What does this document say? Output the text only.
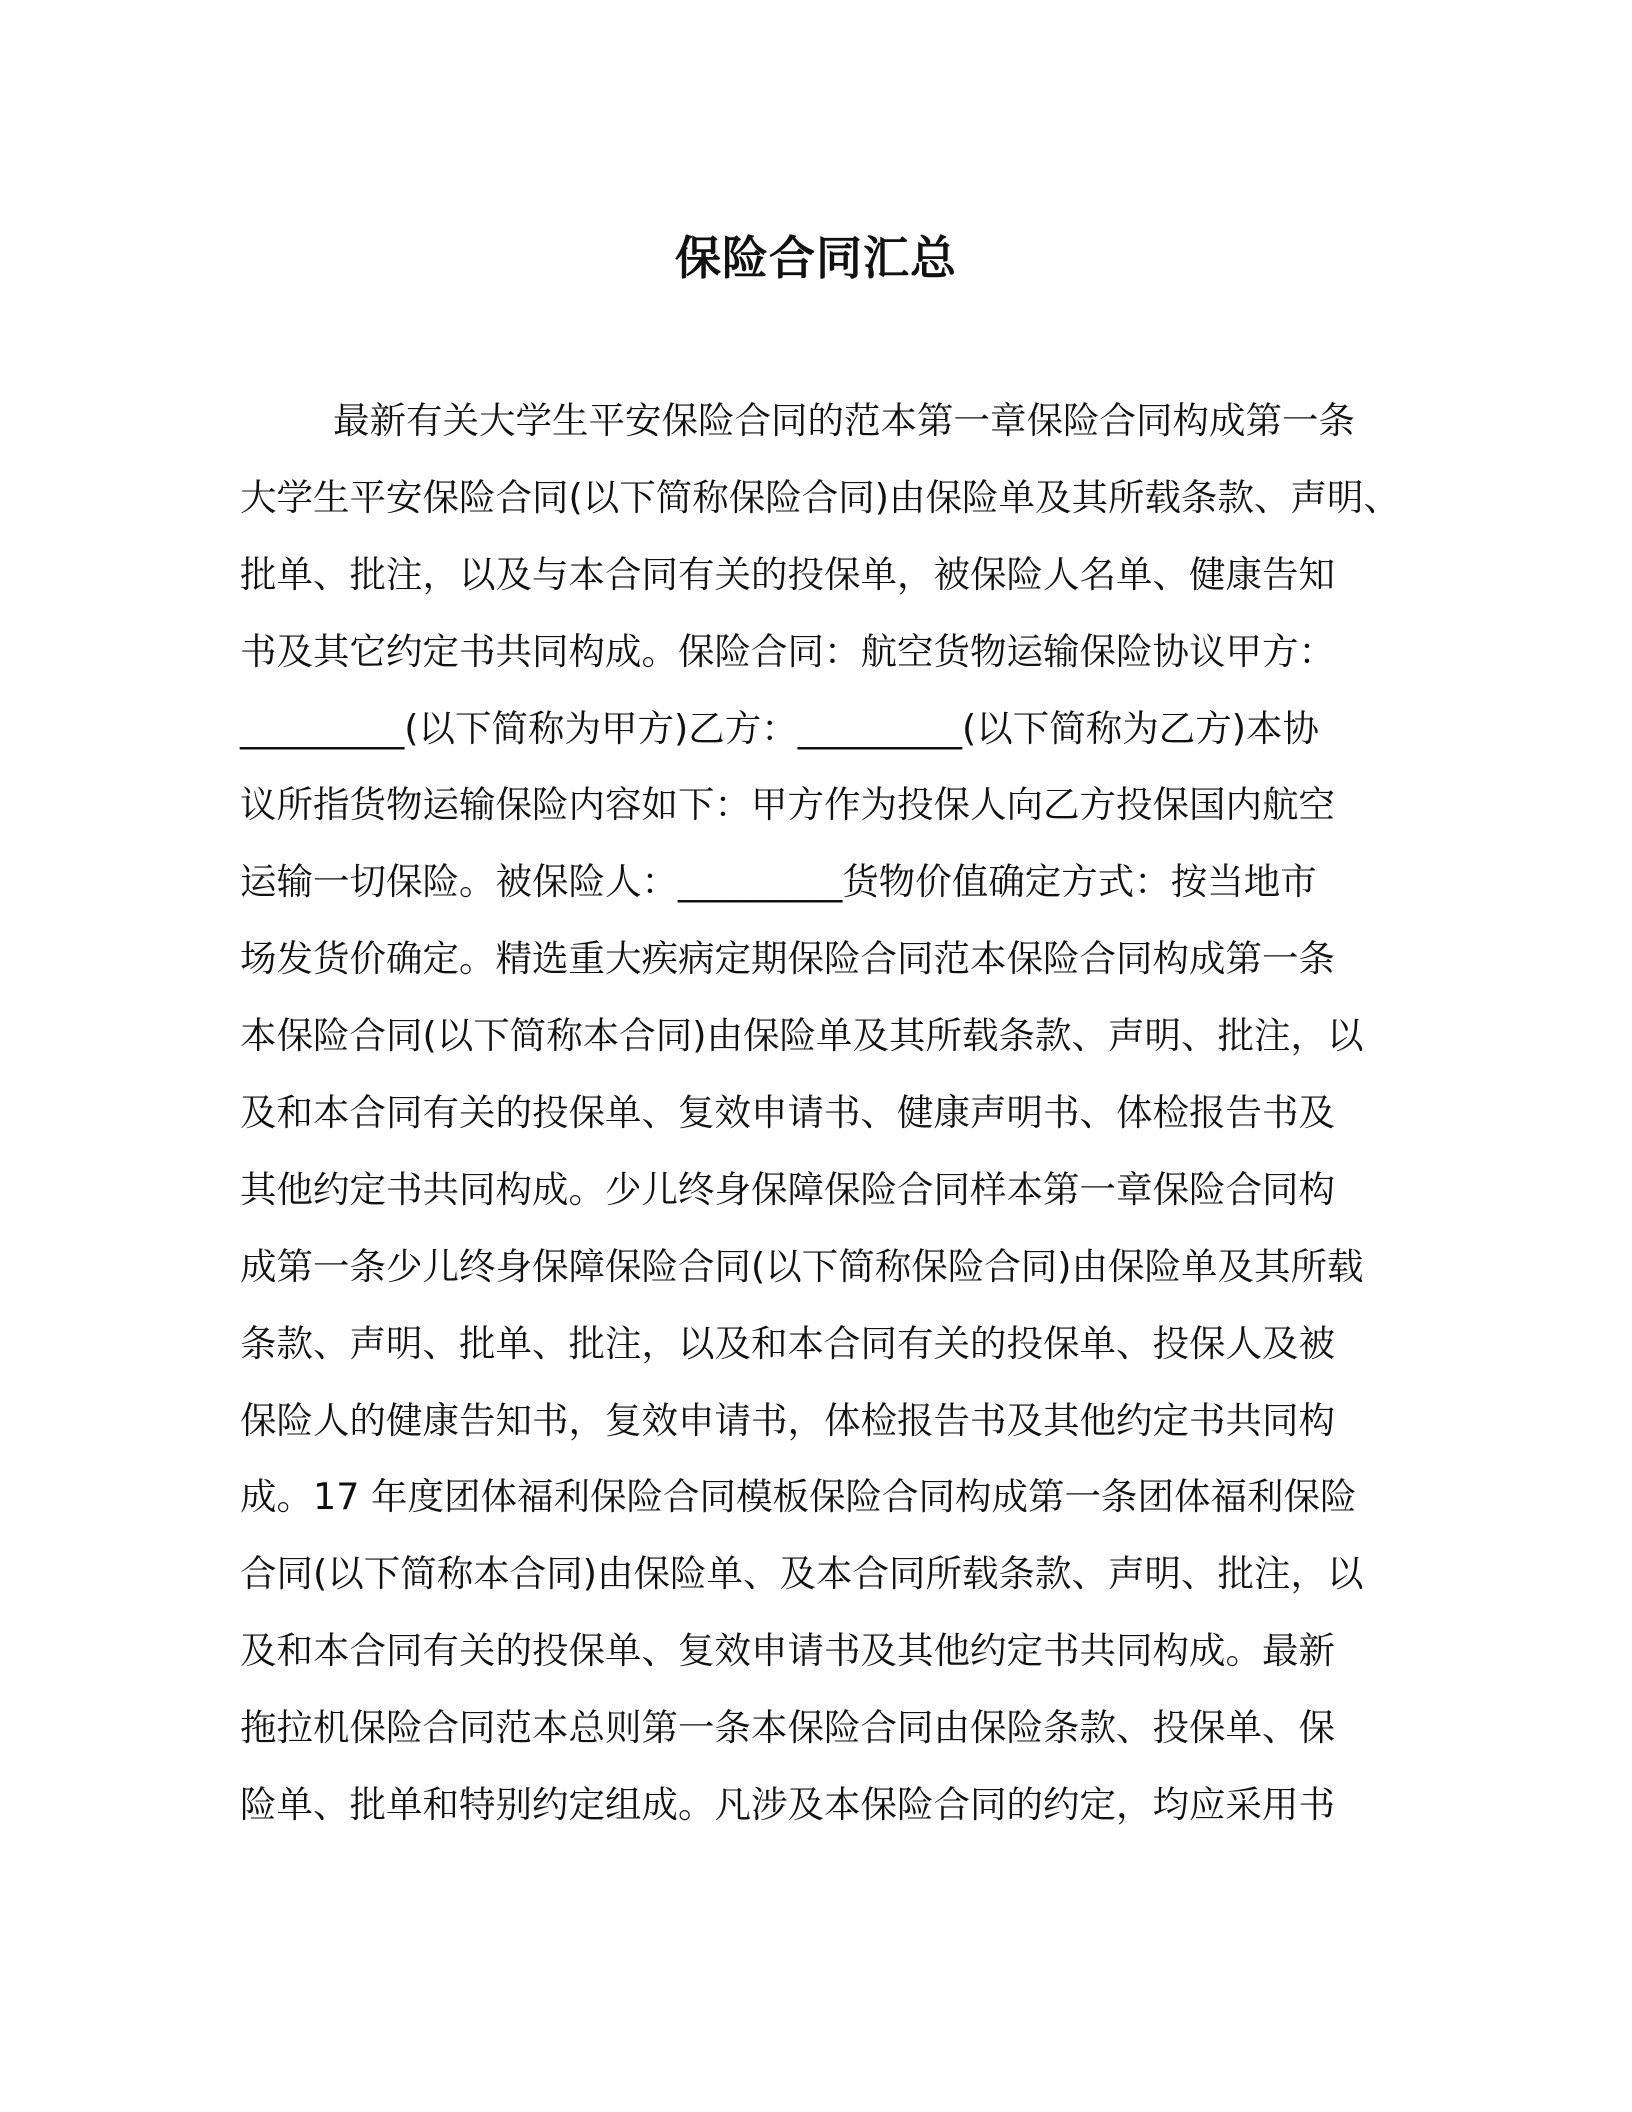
保险合同汇总
最新有关大学生平安保险合同的范本第一章保险合同构成第一条
大学生平安保险合同(以下简称保险合同)由保险单及其所载条款、声明、
批单、批注，以及与本合同有关的投保单，被保险人名单、健康告知
书及其它约定书共同构成。保险合同：航空货物运输保险协议甲方：
_________(以下简称为甲方)乙方：_________(以下简称为乙方)本协
议所指货物运输保险内容如下：甲方作为投保人向乙方投保国内航空
运输一切保险。被保险人：_________货物价值确定方式：按当地市
场发货价确定。精选重大疾病定期保险合同范本保险合同构成第一条
本保险合同(以下简称本合同)由保险单及其所载条款、声明、批注，以
及和本合同有关的投保单、复效申请书、健康声明书、体检报告书及
其他约定书共同构成。少儿终身保障保险合同样本第一章保险合同构
成第一条少儿终身保障保险合同(以下简称保险合同)由保险单及其所载
条款、声明、批单、批注，以及和本合同有关的投保单、投保人及被
保险人的健康告知书，复效申请书，体检报告书及其他约定书共同构
成。17 年度团体福利保险合同模板保险合同构成第一条团体福利保险
合同(以下简称本合同)由保险单、及本合同所载条款、声明、批注，以
及和本合同有关的投保单、复效申请书及其他约定书共同构成。最新
拖拉机保险合同范本总则第一条本保险合同由保险条款、投保单、保
险单、批单和特别约定组成。凡涉及本保险合同的约定，均应采用书
